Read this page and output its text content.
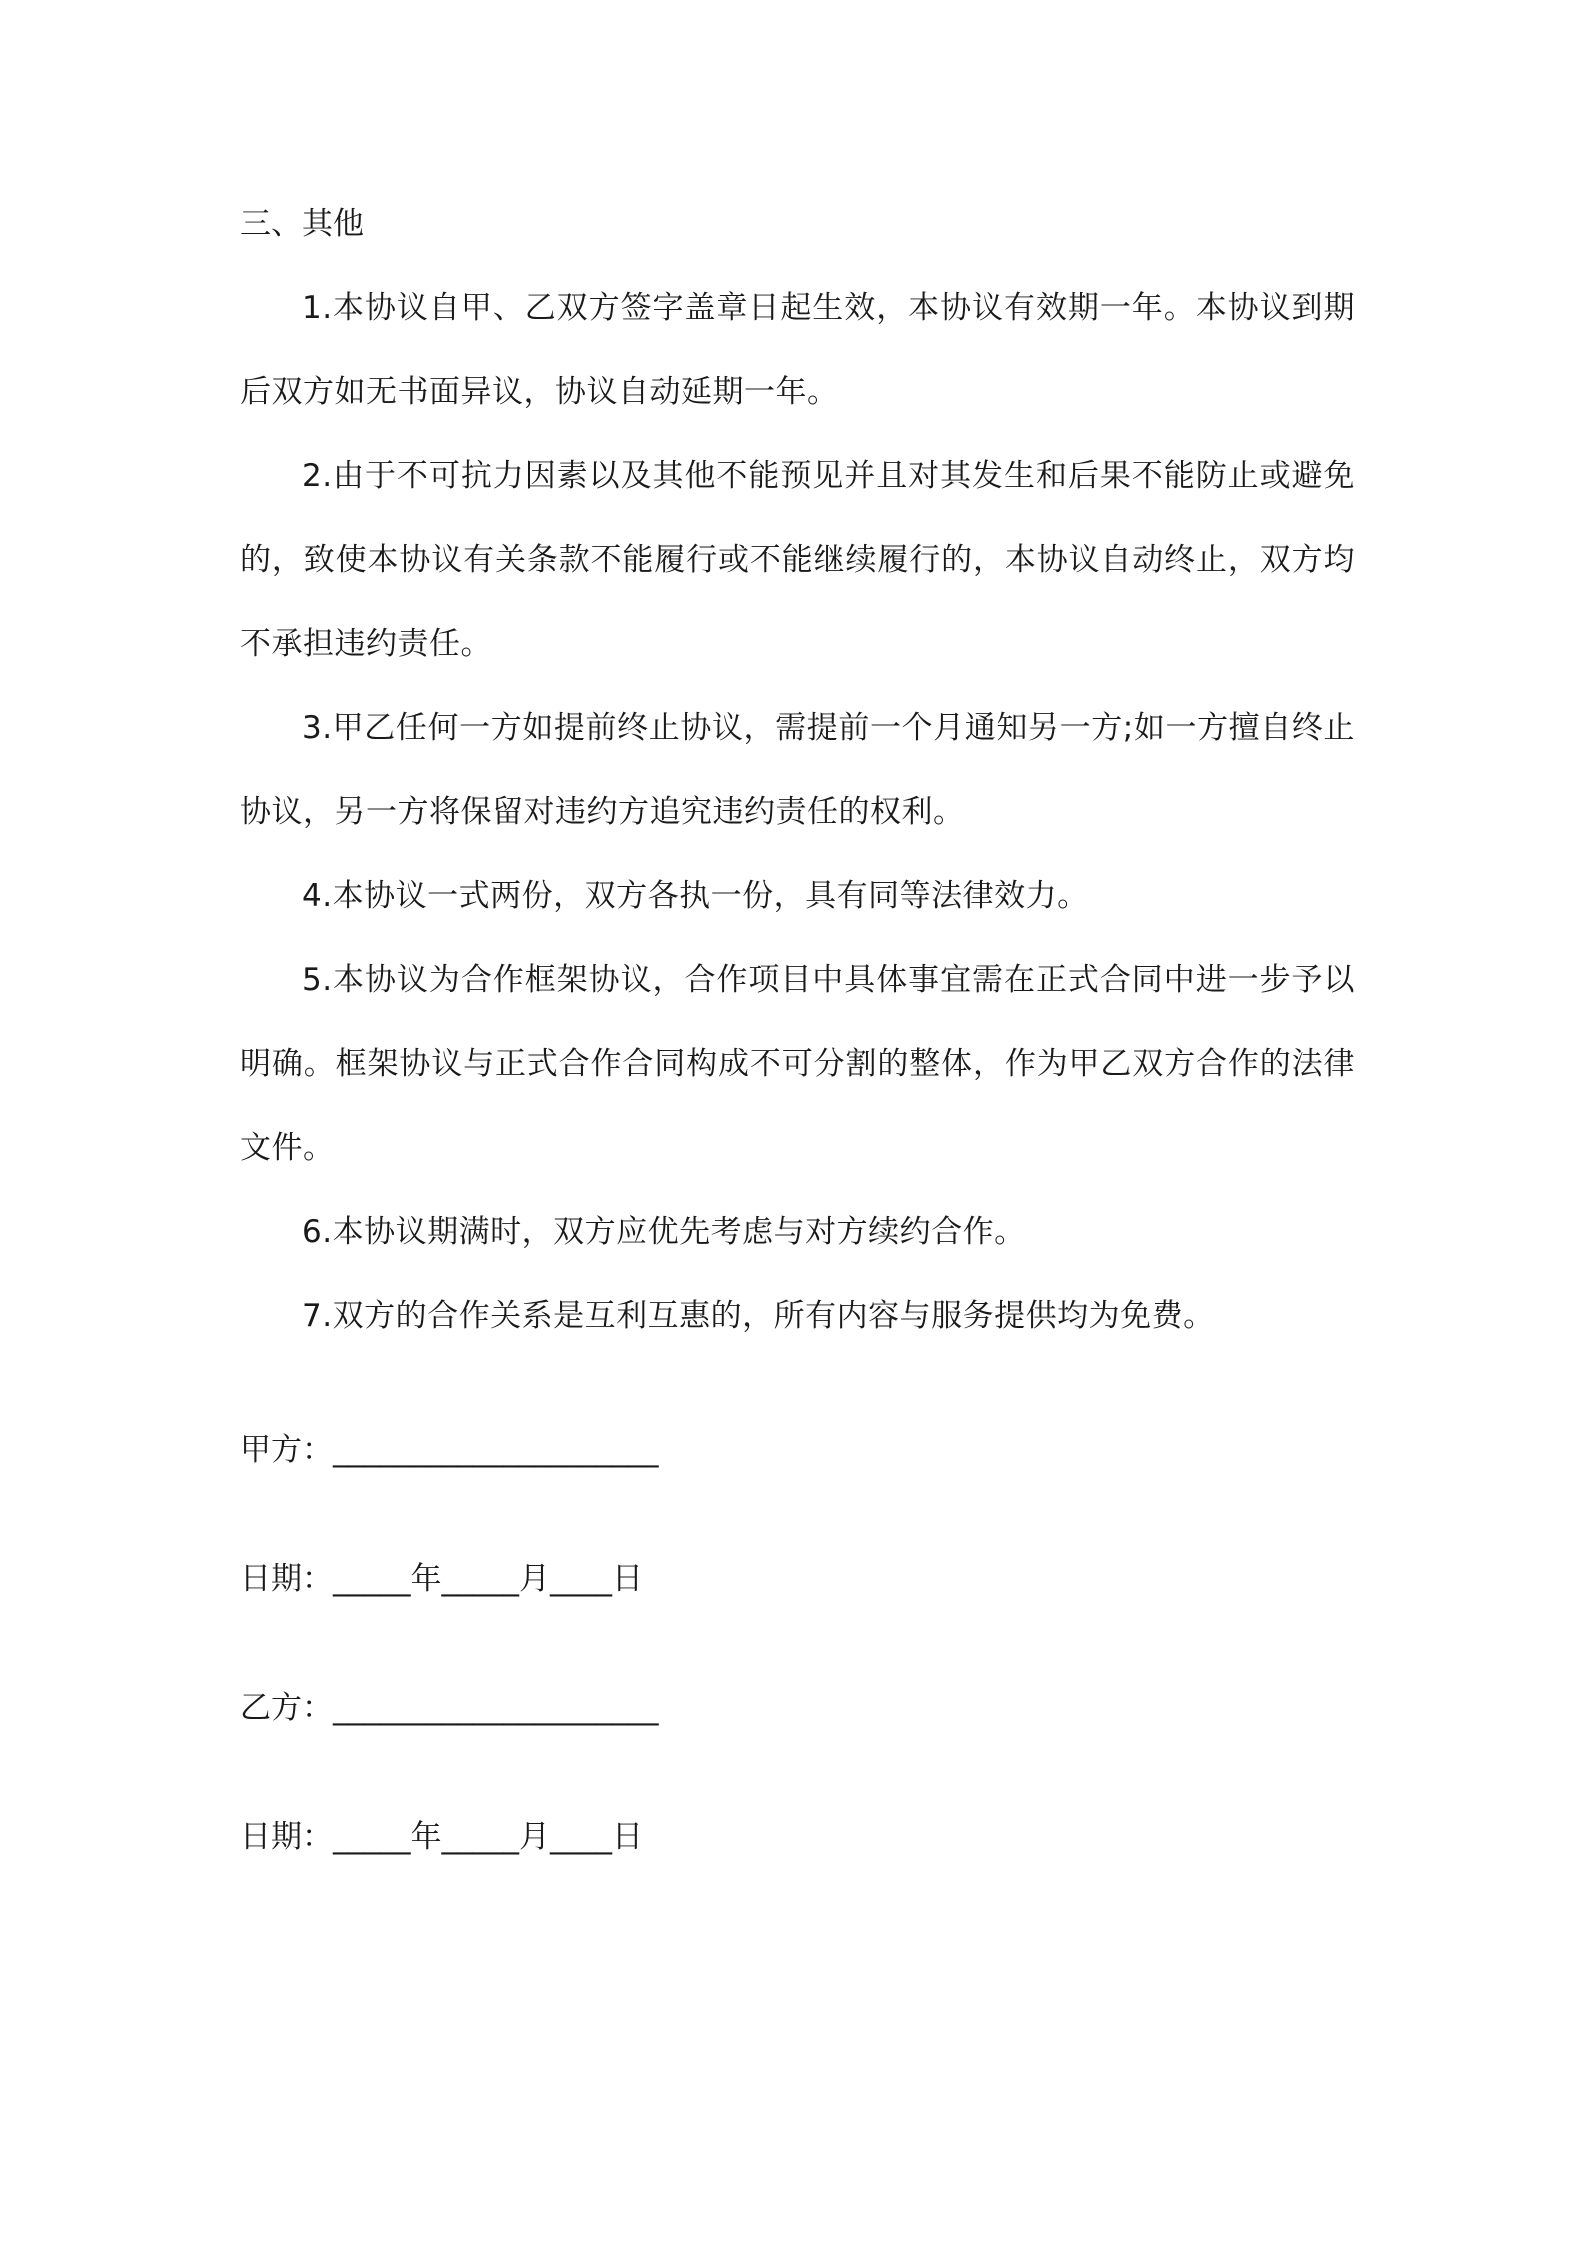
三、其他

1.本协议自甲、乙双方签字盖章日起生效，本协议有效期一年。本协议到期后双方如无书面异议，协议自动延期一年。

2.由于不可抗力因素以及其他不能预见并且对其发生和后果不能防止或避免的，致使本协议有关条款不能履行或不能继续履行的，本协议自动终止，双方均不承担违约责任。

3.甲乙任何一方如提前终止协议，需提前一个月通知另一方;如一方擅自终止协议，另一方将保留对违约方追究违约责任的权利。

4.本协议一式两份，双方各执一份，具有同等法律效力。

5.本协议为合作框架协议，合作项目中具体事宜需在正式合同中进一步予以明确。框架协议与正式合作合同构成不可分割的整体，作为甲乙双方合作的法律文件。

6.本协议期满时，双方应优先考虑与对方续约合作。

7.双方的合作关系是互利互惠的，所有内容与服务提供均为免费。

甲方：_____________________

日期：_____年_____月____日

乙方：_____________________

日期：_____年_____月____日
